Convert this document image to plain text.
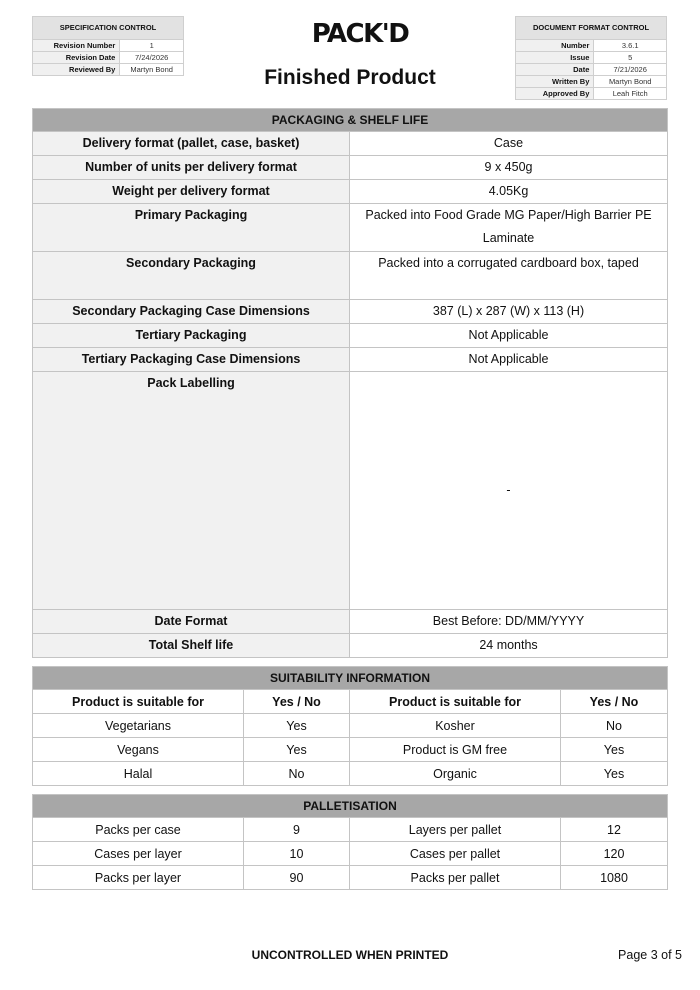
SPECIFICATION CONTROL	
Revision Number	1
Revision Date	7/24/2026
Reviewed By	Martyn Bond
PACK'D
Finished Product
DOCUMENT FORMAT CONTROL	
Number	3.6.1
Issue	5
Date	7/21/2026
Written By	Martyn Bond
Approved By	Leah Fitch
PACKAGING & SHELF LIFE	
Delivery format (pallet, case, basket)	Case
Number of units per delivery format	9 x 450g
Weight per delivery format	4.05Kg
Primary Packaging	Packed into Food Grade MG Paper/High Barrier PE Laminate
Secondary Packaging	Packed into a corrugated cardboard box, taped
Secondary Packaging Case Dimensions	387 (L) x 287 (W) x 113 (H)
Tertiary Packaging	Not Applicable
Tertiary Packaging Case Dimensions	Not Applicable
Pack Labelling	-
Date Format	Best Before: DD/MM/YYYY
Total Shelf life	24 months
SUITABILITY INFORMATION			
Product is suitable for	Yes / No	Product is suitable for	Yes / No
Vegetarians	Yes	Kosher	No
Vegans	Yes	Product is GM free	Yes
Halal	No	Organic	Yes
PALLETISATION			
Packs per case	9	Layers per pallet	12
Cases per layer	10	Cases per pallet	120
Packs per layer	90	Packs per pallet	1080
UNCONTROLLED WHEN PRINTED	Page 3 of 5
